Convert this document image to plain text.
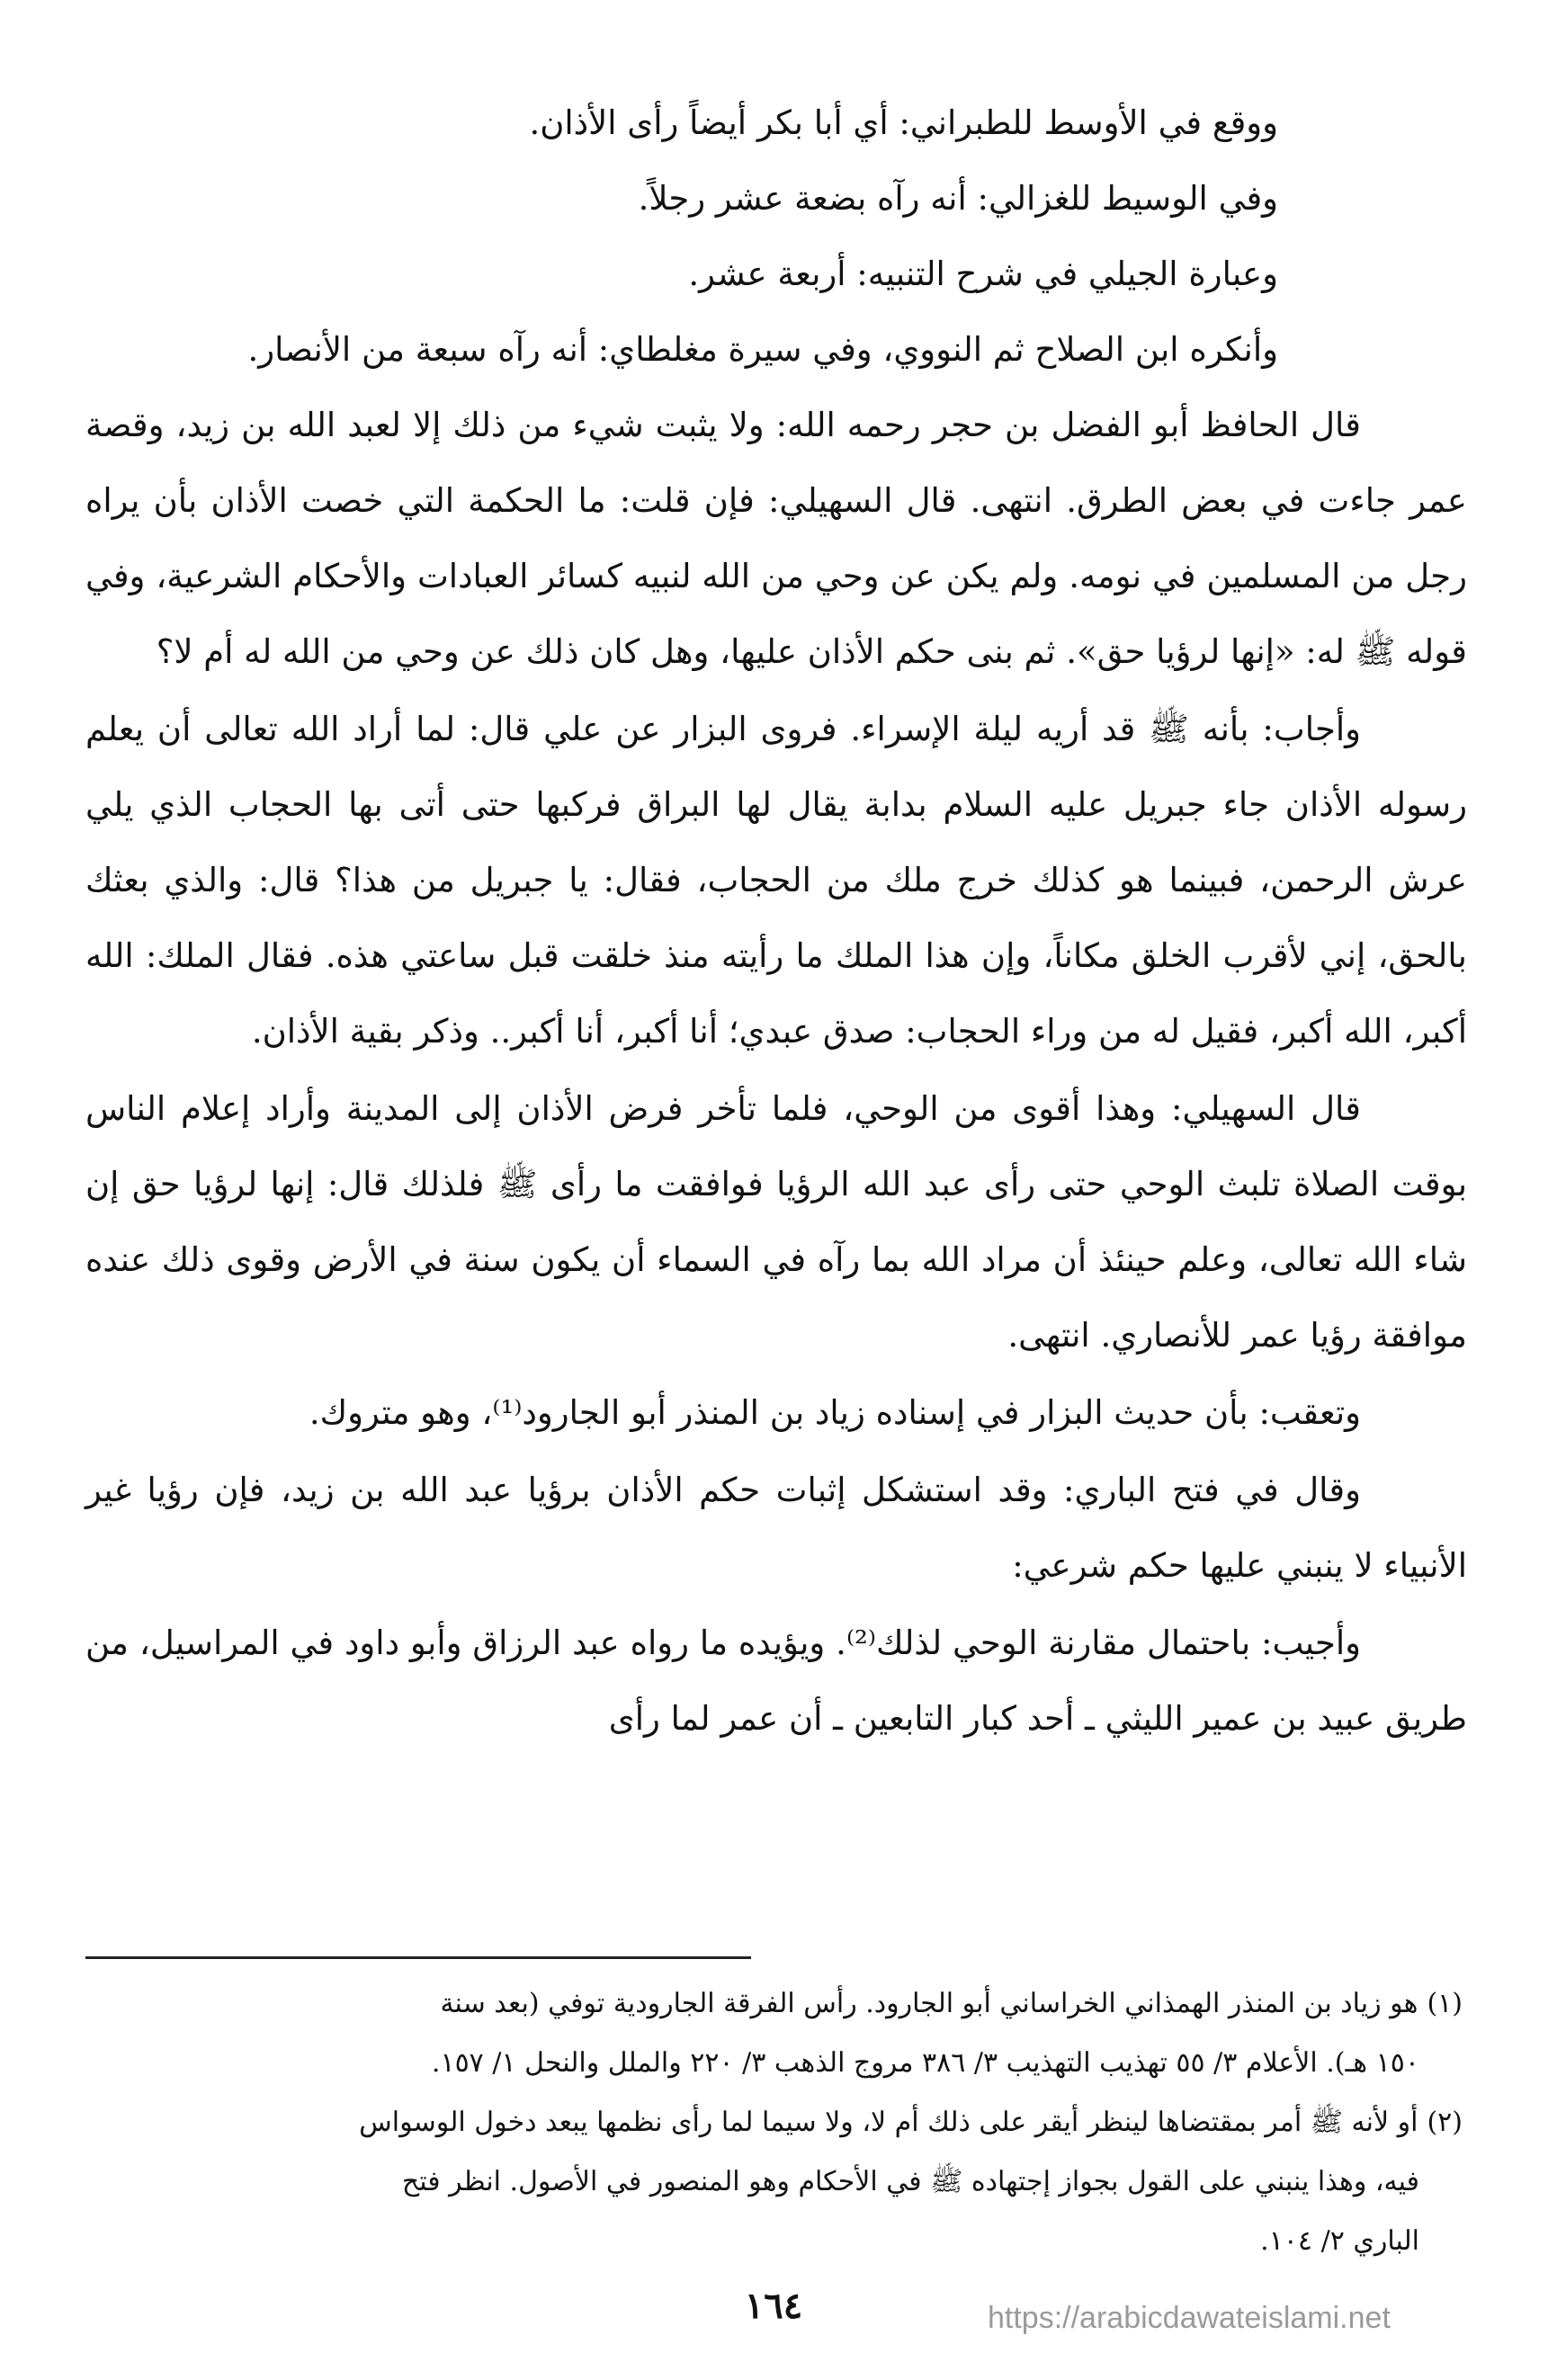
ووقع في الأوسط للطبراني: أي أبا بكر أيضاً رأى الأذان.
وفي الوسيط للغزالي: أنه رآه بضعة عشر رجلاً.
وعبارة الجيلي في شرح التنبيه: أربعة عشر.
وأنكره ابن الصلاح ثم النووي، وفي سيرة مغلطاي: أنه رآه سبعة من الأنصار.

قال الحافظ أبو الفضل بن حجر رحمه الله: ولا يثبت شيء من ذلك إلا لعبد الله بن زيد، وقصة عمر جاءت في بعض الطرق. انتهى. قال السهيلي: فإن قلت: ما الحكمة التي خصت الأذان بأن يراه رجل من المسلمين في نومه. ولم يكن عن وحي من الله لنبيه كسائر العبادات والأحكام الشرعية، وفي قوله ﷺ له: «إنها لرؤيا حق». ثم بنى حكم الأذان عليها، وهل كان ذلك عن وحي من الله له أم لا؟

وأجاب: بأنه ﷺ قد أريه ليلة الإسراء. فروى البزار عن علي قال: لما أراد الله تعالى أن يعلم رسوله الأذان جاء جبريل عليه السلام بدابة يقال لها البراق فركبها حتى أتى بها الحجاب الذي يلي عرش الرحمن، فبينما هو كذلك خرج ملك من الحجاب، فقال: يا جبريل من هذا؟ قال: والذي بعثك بالحق، إني لأقرب الخلق مكاناً، وإن هذا الملك ما رأيته منذ خلقت قبل ساعتي هذه. فقال الملك: الله أكبر، الله أكبر، فقيل له من وراء الحجاب: صدق عبدي؛ أنا أكبر، أنا أكبر.. وذكر بقية الأذان.

قال السهيلي: وهذا أقوى من الوحي، فلما تأخر فرض الأذان إلى المدينة وأراد إعلام الناس بوقت الصلاة تلبث الوحي حتى رأى عبد الله الرؤيا فوافقت ما رأى ﷺ فلذلك قال: إنها لرؤيا حق إن شاء الله تعالى، وعلم حينئذ أن مراد الله بما رآه في السماء أن يكون سنة في الأرض وقوى ذلك عنده موافقة رؤيا عمر للأنصاري. انتهى.

وتعقب: بأن حديث البزار في إسناده زياد بن المنذر أبو الجارود⁽¹⁾، وهو متروك.

وقال في فتح الباري: وقد استشكل إثبات حكم الأذان برؤيا عبد الله بن زيد، فإن رؤيا غير الأنبياء لا ينبني عليها حكم شرعي:

وأجيب: باحتمال مقارنة الوحي لذلك⁽²⁾. ويؤيده ما رواه عبد الرزاق وأبو داود في المراسيل، من طريق عبيد بن عمير الليثي ـ أحد كبار التابعين ـ أن عمر لما رأى

(١)هو زياد بن المنذر الهمذاني الخراساني أبو الجارود. رأس الفرقة الجارودية توفي (بعد سنة
١٥٠ هـ). الأعلام ٣/ ٥٥ تهذيب التهذيب ٣/ ٣٨٦ مروج الذهب ٣/ ٢٢٠ والملل والنحل ١/ ١٥٧.
(٢)أو لأنه ﷺ أمر بمقتضاها لينظر أيقر على ذلك أم لا، ولا سيما لما رأى نظمها يبعد دخول الوسواس
فيه، وهذا ينبني على القول بجواز إجتهاده ﷺ في الأحكام وهو المنصور في الأصول. انظر فتح
الباري ٢/ ١٠٤.
١٦٤	https://arabicdawateislami.net
